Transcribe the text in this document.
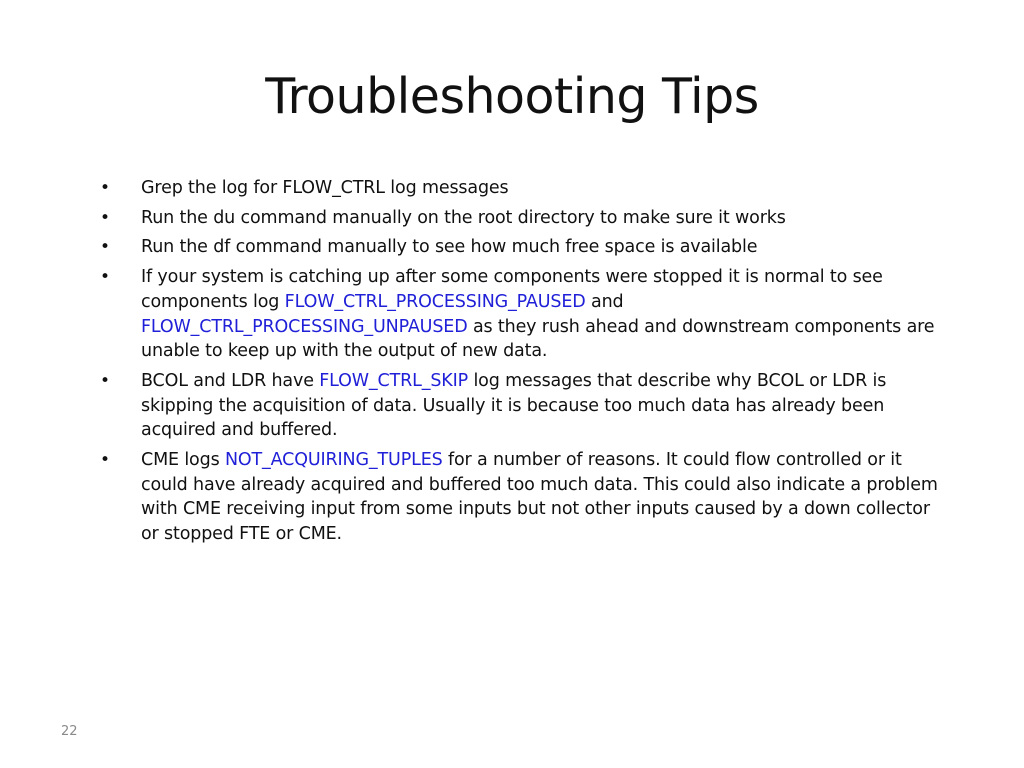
Troubleshooting Tips
• Grep the log for FLOW_CTRL log messages
• Run the du command manually on the root directory to make sure it works
• Run the df command manually to see how much free space is available
• If your system is catching up after some components were stopped it is normal to see components log FLOW_CTRL_PROCESSING_PAUSED and FLOW_CTRL_PROCESSING_UNPAUSED as they rush ahead and downstream components are unable to keep up with the output of new data.
• BCOL and LDR have FLOW_CTRL_SKIP log messages that describe why BCOL or LDR is skipping the acquisition of data. Usually it is because too much data has already been acquired and buffered.
• CME logs NOT_ACQUIRING_TUPLES for a number of reasons. It could flow controlled or it could have already acquired and buffered too much data. This could also indicate a problem with CME receiving input from some inputs but not other inputs caused by a down collector or stopped FTE or CME.
22
